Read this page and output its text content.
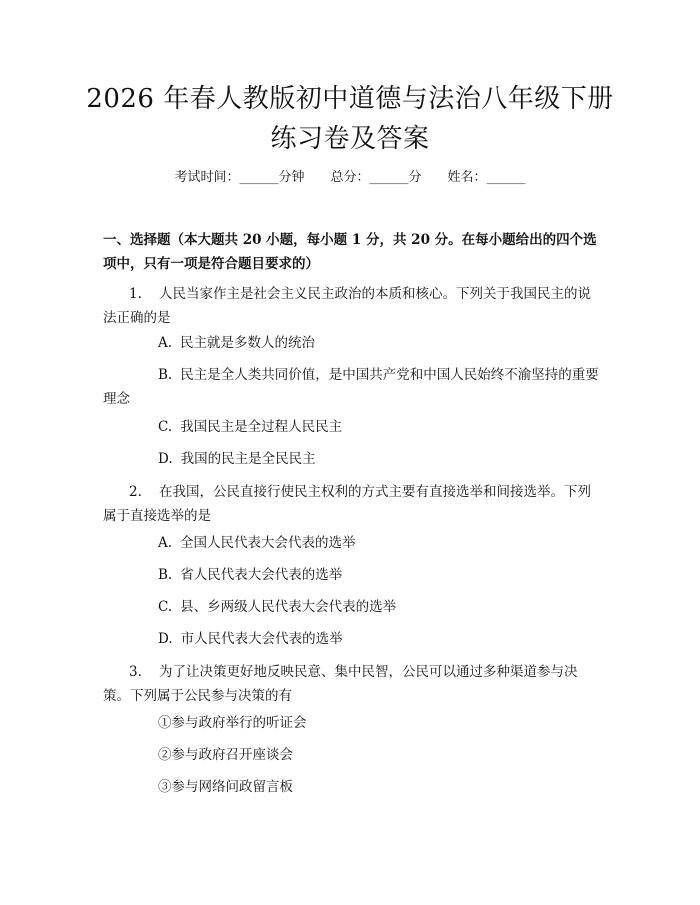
2026 年春人教版初中道德与法治八年级下册
练习卷及答案
考试时间：______分钟 总分：______分 姓名：______
一、选择题（本大题共 20 小题，每小题 1 分，共 20 分。在每小题给出的四个选项中，只有一项是符合题目要求的）
1. 人民当家作主是社会主义民主政治的本质和核心。下列关于我国民主的说法正确的是
A. 民主就是多数人的统治
B. 民主是全人类共同价值，是中国共产党和中国人民始终不渝坚持的重要理念
C. 我国民主是全过程人民民主
D. 我国的民主是全民民主
2. 在我国，公民直接行使民主权利的方式主要有直接选举和间接选举。下列属于直接选举的是
A. 全国人民代表大会代表的选举
B. 省人民代表大会代表的选举
C. 县、乡两级人民代表大会代表的选举
D. 市人民代表大会代表的选举
3. 为了让决策更好地反映民意、集中民智，公民可以通过多种渠道参与决策。下列属于公民参与决策的有
①参与政府举行的听证会
②参与政府召开座谈会
③参与网络问政留言板
